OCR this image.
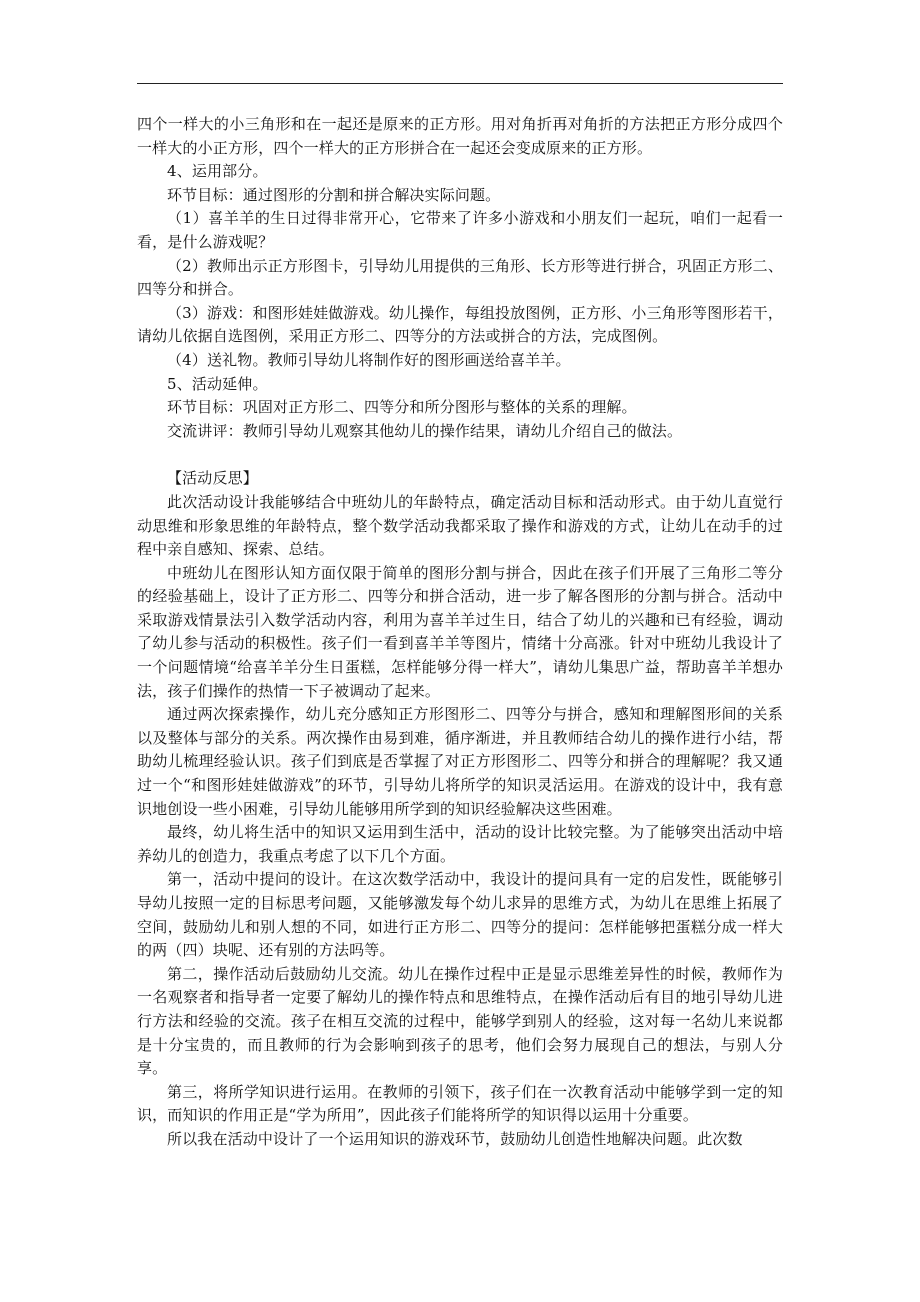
四个一样大的小三角形和在一起还是原来的正方形。用对角折再对角折的方法把正方形分成四个一样大的小正方形，四个一样大的正方形拼合在一起还会变成原来的正方形。

4、运用部分。

环节目标：通过图形的分割和拼合解决实际问题。

（1）喜羊羊的生日过得非常开心，它带来了许多小游戏和小朋友们一起玩，咱们一起看一看，是什么游戏呢？

（2）教师出示正方形图卡，引导幼儿用提供的三角形、长方形等进行拼合，巩固正方形二、四等分和拼合。

（3）游戏：和图形娃娃做游戏。幼儿操作，每组投放图例，正方形、小三角形等图形若干，请幼儿依据自选图例，采用正方形二、四等分的方法或拼合的方法，完成图例。

（4）送礼物。教师引导幼儿将制作好的图形画送给喜羊羊。

5、活动延伸。

环节目标：巩固对正方形二、四等分和所分图形与整体的关系的理解。

交流讲评：教师引导幼儿观察其他幼儿的操作结果，请幼儿介绍自己的做法。

【活动反思】

此次活动设计我能够结合中班幼儿的年龄特点，确定活动目标和活动形式。由于幼儿直觉行动思维和形象思维的年龄特点，整个数学活动我都采取了操作和游戏的方式，让幼儿在动手的过程中亲自感知、探索、总结。

中班幼儿在图形认知方面仅限于简单的图形分割与拼合，因此在孩子们开展了三角形二等分的经验基础上，设计了正方形二、四等分和拼合活动，进一步了解各图形的分割与拼合。活动中采取游戏情景法引入数学活动内容，利用为喜羊羊过生日，结合了幼儿的兴趣和已有经验，调动了幼儿参与活动的积极性。孩子们一看到喜羊羊等图片，情绪十分高涨。针对中班幼儿我设计了一个问题情境“给喜羊羊分生日蛋糕，怎样能够分得一样大”，请幼儿集思广益，帮助喜羊羊想办法，孩子们操作的热情一下子被调动了起来。

通过两次探索操作，幼儿充分感知正方形图形二、四等分与拼合，感知和理解图形间的关系以及整体与部分的关系。两次操作由易到难，循序渐进，并且教师结合幼儿的操作进行小结，帮助幼儿梳理经验认识。孩子们到底是否掌握了对正方形图形二、四等分和拼合的理解呢？我又通过一个“和图形娃娃做游戏”的环节，引导幼儿将所学的知识灵活运用。在游戏的设计中，我有意识地创设一些小困难，引导幼儿能够用所学到的知识经验解决这些困难。

最终，幼儿将生活中的知识又运用到生活中，活动的设计比较完整。为了能够突出活动中培养幼儿的创造力，我重点考虑了以下几个方面。

第一，活动中提问的设计。在这次数学活动中，我设计的提问具有一定的启发性，既能够引导幼儿按照一定的目标思考问题，又能够激发每个幼儿求异的思维方式，为幼儿在思维上拓展了空间，鼓励幼儿和别人想的不同，如进行正方形二、四等分的提问：怎样能够把蛋糕分成一样大的两（四）块呢、还有别的方法吗等。

第二，操作活动后鼓励幼儿交流。幼儿在操作过程中正是显示思维差异性的时候，教师作为一名观察者和指导者一定要了解幼儿的操作特点和思维特点，在操作活动后有目的地引导幼儿进行方法和经验的交流。孩子在相互交流的过程中，能够学到别人的经验，这对每一名幼儿来说都是十分宝贵的，而且教师的行为会影响到孩子的思考，他们会努力展现自己的想法，与别人分享。

第三，将所学知识进行运用。在教师的引领下，孩子们在一次教育活动中能够学到一定的知识，而知识的作用正是“学为所用”，因此孩子们能将所学的知识得以运用十分重要。

所以我在活动中设计了一个运用知识的游戏环节，鼓励幼儿创造性地解决问题。此次数
